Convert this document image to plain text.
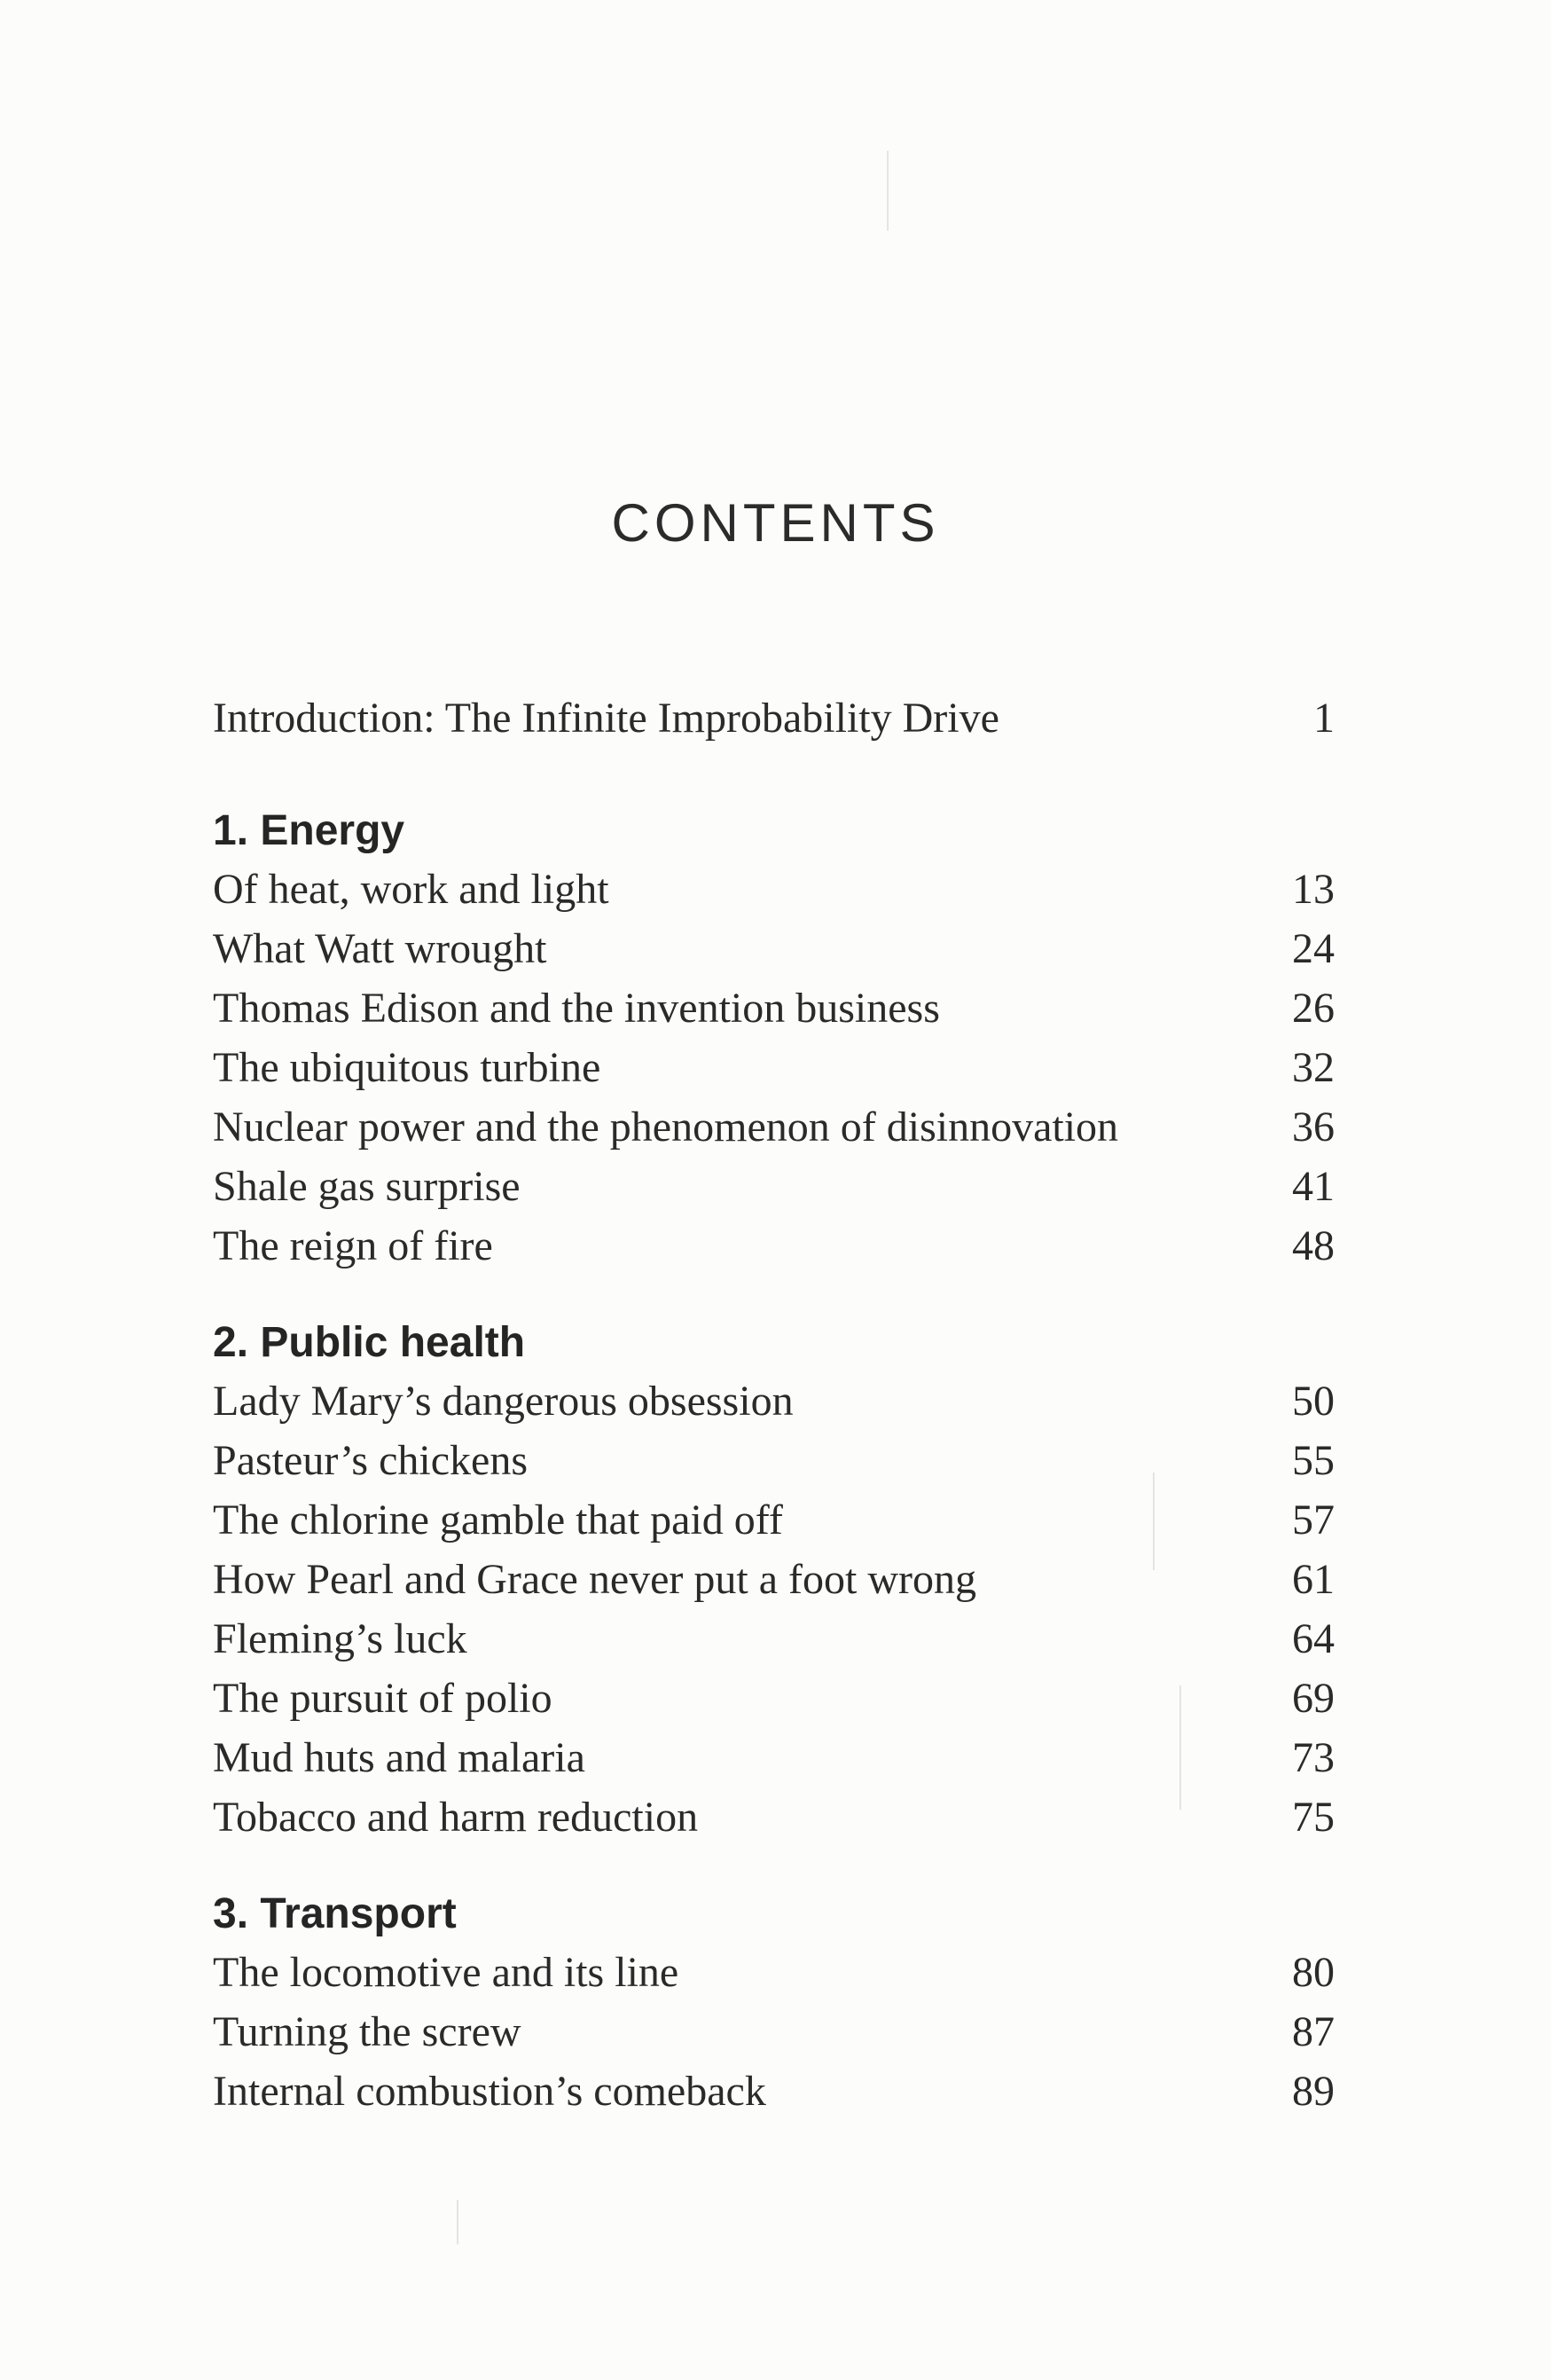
CONTENTS
Introduction: The Infinite Improbability Drive	1
1. Energy
Of heat, work and light	13
What Watt wrought	24
Thomas Edison and the invention business	26
The ubiquitous turbine	32
Nuclear power and the phenomenon of disinnovation	36
Shale gas surprise	41
The reign of fire	48
2. Public health
Lady Mary’s dangerous obsession	50
Pasteur’s chickens	55
The chlorine gamble that paid off	57
How Pearl and Grace never put a foot wrong	61
Fleming’s luck	64
The pursuit of polio	69
Mud huts and malaria	73
Tobacco and harm reduction	75
3. Transport
The locomotive and its line	80
Turning the screw	87
Internal combustion’s comeback	89
